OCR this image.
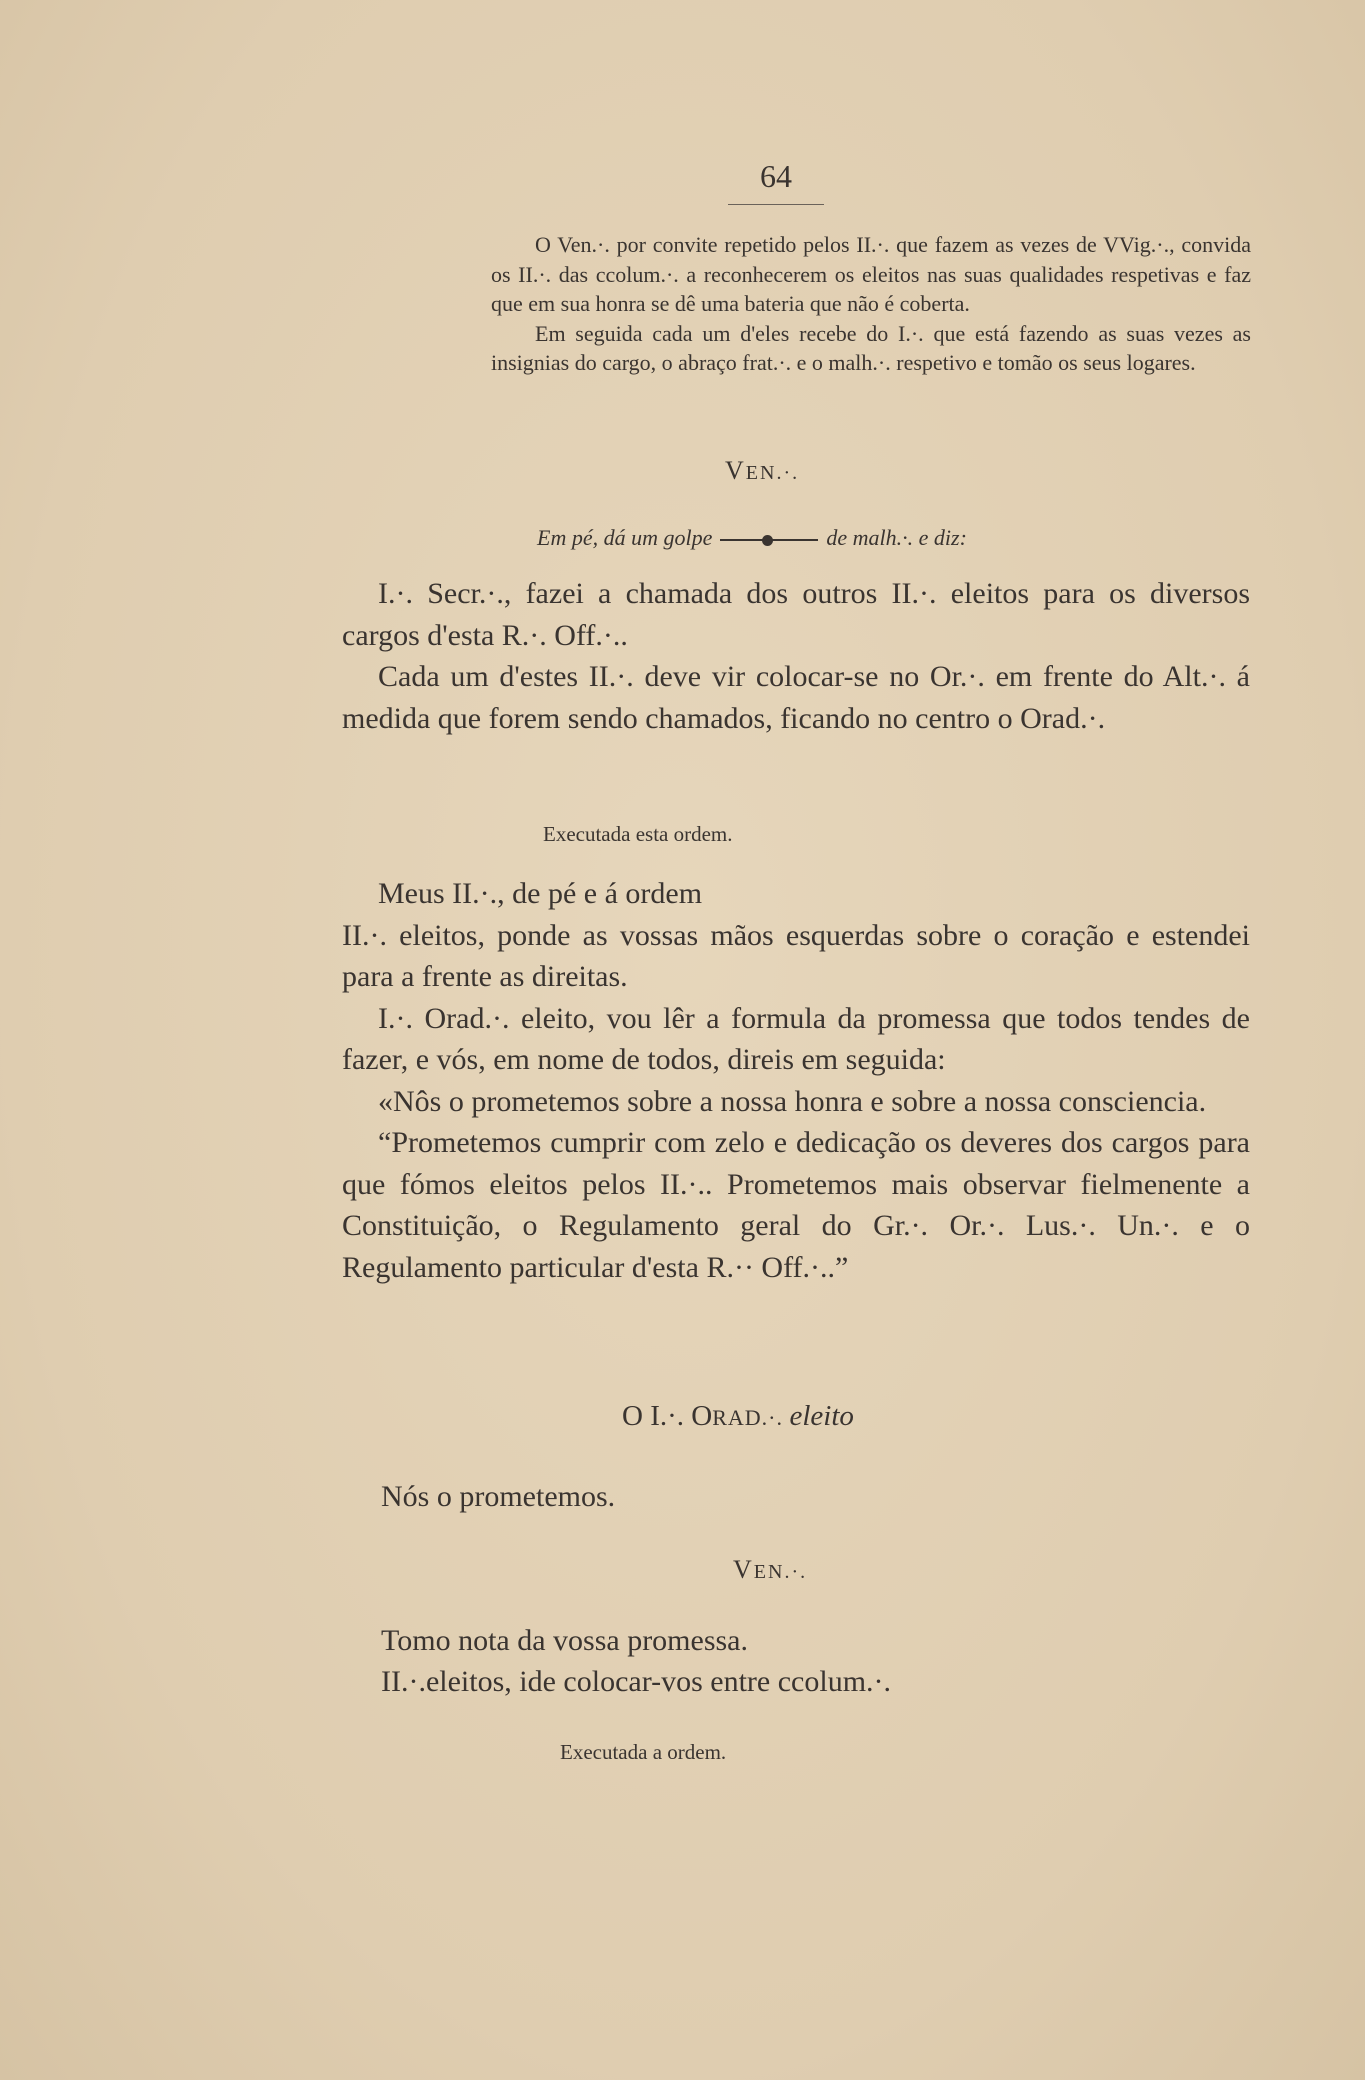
64

O Ven.·. por convite repetido pelos II.·. que fazem as vezes de VVig.·., convida os II.·. das ccolum.·. a reconhecerem os eleitos nas suas qualidades respetivas e faz que em sua honra se dê uma bateria que não é coberta.

Em seguida cada um d'eles recebe do I.·. que está fazendo as suas vezes as insignias do cargo, o abraço frat.·. e o malh.·. respetivo e tomão os seus logares.

VEN.·.
Em pé, dá um golpe	de malh.·. e diz:

I.·. Secr.·., fazei a chamada dos outros II.·. eleitos para os diversos cargos d'esta R.·. Off.·..

Cada um d'estes II.·. deve vir colocar-se no Or.·. em frente do Alt.·. á medida que forem sendo chamados, ficando no centro o Orad.·.

Executada esta ordem.

Meus II.·., de pé e á ordem

II.·. eleitos, ponde as vossas mãos esquerdas sobre o coração e estendei para a frente as direitas.

I.·. Orad.·. eleito, vou lêr a formula da promessa que todos tendes de fazer, e vós, em nome de todos, direis em seguida:

«Nôs o prometemos sobre a nossa honra e sobre a nossa consciencia.

“Prometemos cumprir com zelo e dedicação os deveres dos cargos para que fómos eleitos pelos II.·.. Prometemos mais observar fielmenente a Constituição, o Regulamento geral do Gr.·. Or.·. Lus.·. Un.·. e o Regulamento particular d'esta R.·· Off.·..”

O I.·. ORAD.·. eleito
Nós o prometemos.
VEN.·.
Tomo nota da vossa promessa.
II.·.eleitos, ide colocar-vos entre ccolum.·.
Executada a ordem.
